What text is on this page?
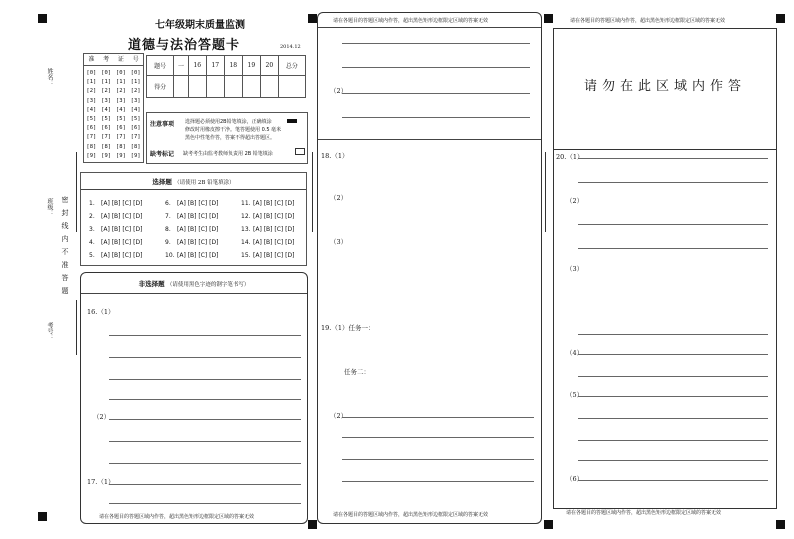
姓名：
班级：
考号：
密封线内不准答题
七年级期末质量监测
道德与法治答题卡	2014.12
准 考 证 号
[0] [0] [0] [0]
[1] [1] [1] [1]
[2] [2] [2] [2]
[3] [3] [3] [3]
[4] [4] [4] [4]
[5] [5] [5] [5]
[6] [6] [6] [6]
[7] [7] [7] [7]
[8] [8] [8] [8]
[9] [9] [9] [9]
题号	一	16	17	18	19	20	总分
得分							
注意事项 选择题必须使用2B铅笔填涂，正确填涂
修改时用橡皮擦干净。笔答题使用 0.5 毫米
黑色中性笔作答，答案不得超出答题区。
缺考标记 缺考考生由监考教师负责用 2B 铅笔填涂
选择题 （请使用 2B 铅笔填涂）
1. [A] [B] [C] [D]
2. [A] [B] [C] [D]
3. [A] [B] [C] [D]
4. [A] [B] [C] [D]
5. [A] [B] [C] [D]
6. [A] [B] [C] [D]
7. [A] [B] [C] [D]
8. [A] [B] [C] [D]
9. [A] [B] [C] [D]
10. [A] [B] [C] [D]
11. [A] [B] [C] [D]
12. [A] [B] [C] [D]
13. [A] [B] [C] [D]
14. [A] [B] [C] [D]
15. [A] [B] [C] [D]
非选择题 （请使用黑色字迹的钢字笔书写）
16.（1）
（2）
17.（1）
请在各题目的答题区域内作答，超出黑色矩形边框限定区域的答案无效
请在各题目的答题区域内作答，超出黑色矩形边框限定区域的答案无效
（2）
18.（1）
（2）
（3）
19.（1）任务一：
任务二：
（2）
请在各题目的答题区域内作答，超出黑色矩形边框限定区域的答案无效
请在各题目的答题区域内作答，超出黑色矩形边框限定区域的答案无效
请勿在此区域内作答
20.（1）
（2）
（3）
（4）
（5）
（6）
请在各题目的答题区域内作答，超出黑色矩形边框限定区域的答案无效
